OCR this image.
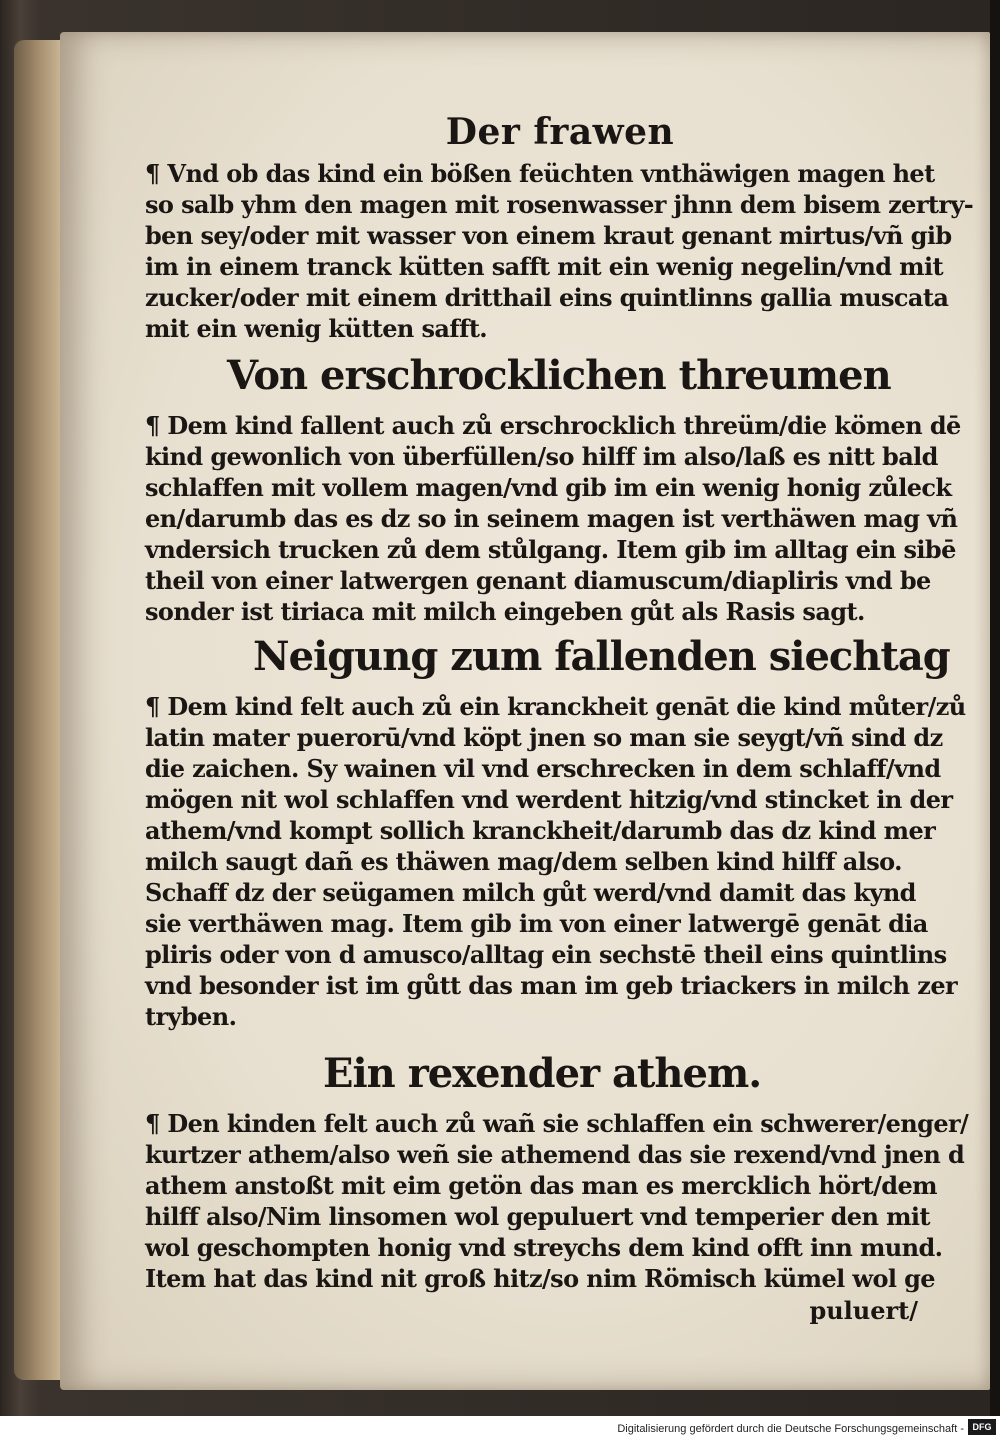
Der frawen
¶ Vnd ob das kind ein bößen feüchten vnthäwigen magen het
so salb yhm den magen mit rosenwasser jhnn dem bisem zertry-
ben sey/oder mit wasser von einem kraut genant mirtus/vñ gib
im in einem tranck kütten safft mit ein wenig negelin/vnd mit
zucker/oder mit einem dritthail eins quintlinns gallia muscata
mit ein wenig kütten safft.
Von erschrocklichen threumen
¶ Dem kind fallent auch zů erschrocklich threüm/die kömen dē
kind gewonlich von überfüllen/so hilff im also/laß es nitt bald
schlaffen mit vollem magen/vnd gib im ein wenig honig zůleck
en/darumb das es dz so in seinem magen ist verthäwen mag vñ
vndersich trucken zů dem stůlgang. Item gib im alltag ein sibē
theil von einer latwergen genant diamuscum/diapliris vnd be
sonder ist tiriaca mit milch eingeben gůt als Rasis sagt.
Neigung zum fallenden siechtag
¶ Dem kind felt auch zů ein kranckheit genāt die kind můter/zů
latin mater puerorū/vnd köpt jnen so man sie seygt/vñ sind dz
die zaichen. Sy wainen vil vnd erschrecken in dem schlaff/vnd
mögen nit wol schlaffen vnd werdent hitzig/vnd stincket in der
athem/vnd kompt sollich kranckheit/darumb das dz kind mer
milch saugt dañ es thäwen mag/dem selben kind hilff also.
Schaff dz der seügamen milch gůt werd/vnd damit das kynd
sie verthäwen mag. Item gib im von einer latwergē genāt dia
pliris oder von d amusco/alltag ein sechstē theil eins quintlins
vnd besonder ist im gůtt das man im geb triackers in milch zer
tryben.
Ein rexender athem.
¶ Den kinden felt auch zů wañ sie schlaffen ein schwerer/enger/
kurtzer athem/also weñ sie athemend das sie rexend/vnd jnen d
athem anstoßt mit eim getön das man es mercklich hört/dem
hilff also/Nim linsomen wol gepuluert vnd temperier den mit
wol geschompten honig vnd streychs dem kind offt inn mund.
Item hat das kind nit groß hitz/so nim Römisch kümel wol ge
puluert/
Digitalisierung gefördert durch die Deutsche Forschungsgemeinschaft - DFG
